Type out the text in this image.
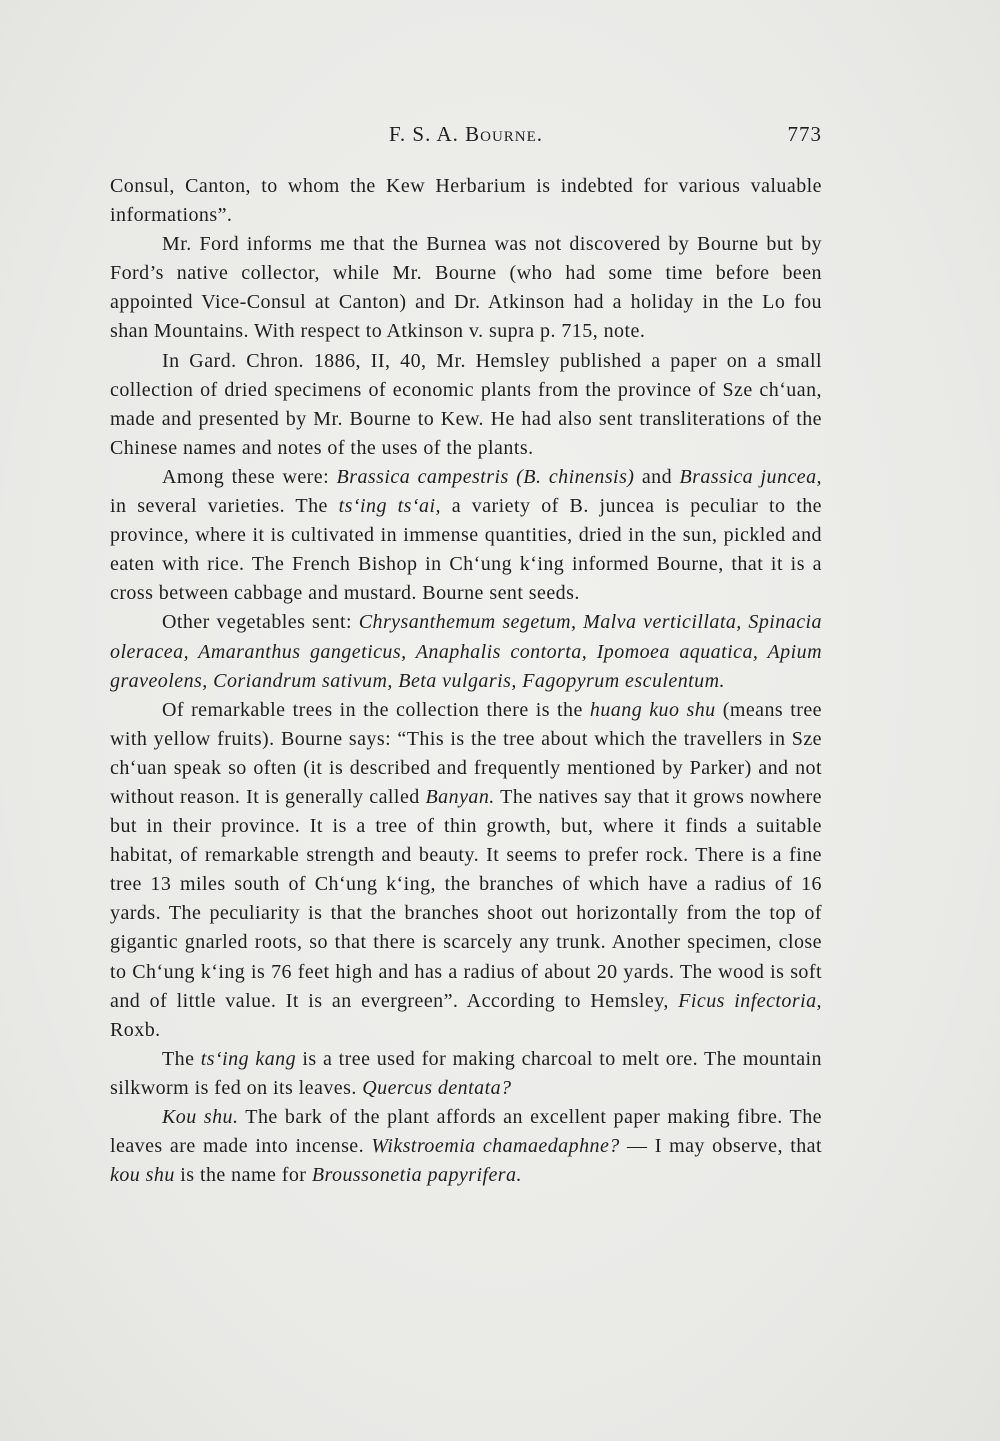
F. S. A. Bourne.	773

Consul, Canton, to whom the Kew Herbarium is indebted for various valuable informations”.

Mr. Ford informs me that the Burnea was not discovered by Bourne but by Ford’s native collector, while Mr. Bourne (who had some time before been appointed Vice-Consul at Canton) and Dr. Atkinson had a holiday in the Lo fou shan Mountains. With respect to Atkinson v. supra p. 715, note.

In Gard. Chron. 1886, II, 40, Mr. Hemsley published a paper on a small collection of dried specimens of economic plants from the province of Sze ch‘uan, made and presented by Mr. Bourne to Kew. He had also sent transliterations of the Chinese names and notes of the uses of the plants.

Among these were: Brassica campestris (B. chinensis) and Brassica juncea, in several varieties. The ts‘ing ts‘ai, a variety of B. juncea is peculiar to the province, where it is cultivated in immense quantities, dried in the sun, pickled and eaten with rice. The French Bishop in Ch‘ung k‘ing informed Bourne, that it is a cross between cabbage and mustard. Bourne sent seeds.

Other vegetables sent: Chrysanthemum segetum, Malva verticillata, Spinacia oleracea, Amaranthus gangeticus, Anaphalis contorta, Ipomoea aquatica, Apium graveolens, Coriandrum sativum, Beta vulgaris, Fagopyrum esculentum.

Of remarkable trees in the collection there is the huang kuo shu (means tree with yellow fruits). Bourne says: “This is the tree about which the travellers in Sze ch‘uan speak so often (it is described and frequently mentioned by Parker) and not without reason. It is generally called Banyan. The natives say that it grows nowhere but in their province. It is a tree of thin growth, but, where it finds a suitable habitat, of remarkable strength and beauty. It seems to prefer rock. There is a fine tree 13 miles south of Ch‘ung k‘ing, the branches of which have a radius of 16 yards. The peculiarity is that the branches shoot out horizontally from the top of gigantic gnarled roots, so that there is scarcely any trunk. Another specimen, close to Ch‘ung k‘ing is 76 feet high and has a radius of about 20 yards. The wood is soft and of little value. It is an evergreen”. According to Hemsley, Ficus infectoria, Roxb.

The ts‘ing kang is a tree used for making charcoal to melt ore. The mountain silkworm is fed on its leaves. Quercus dentata?

Kou shu. The bark of the plant affords an excellent paper making fibre. The leaves are made into incense. Wikstroemia chamaedaphne? — I may observe, that kou shu is the name for Broussonetia papyrifera.
